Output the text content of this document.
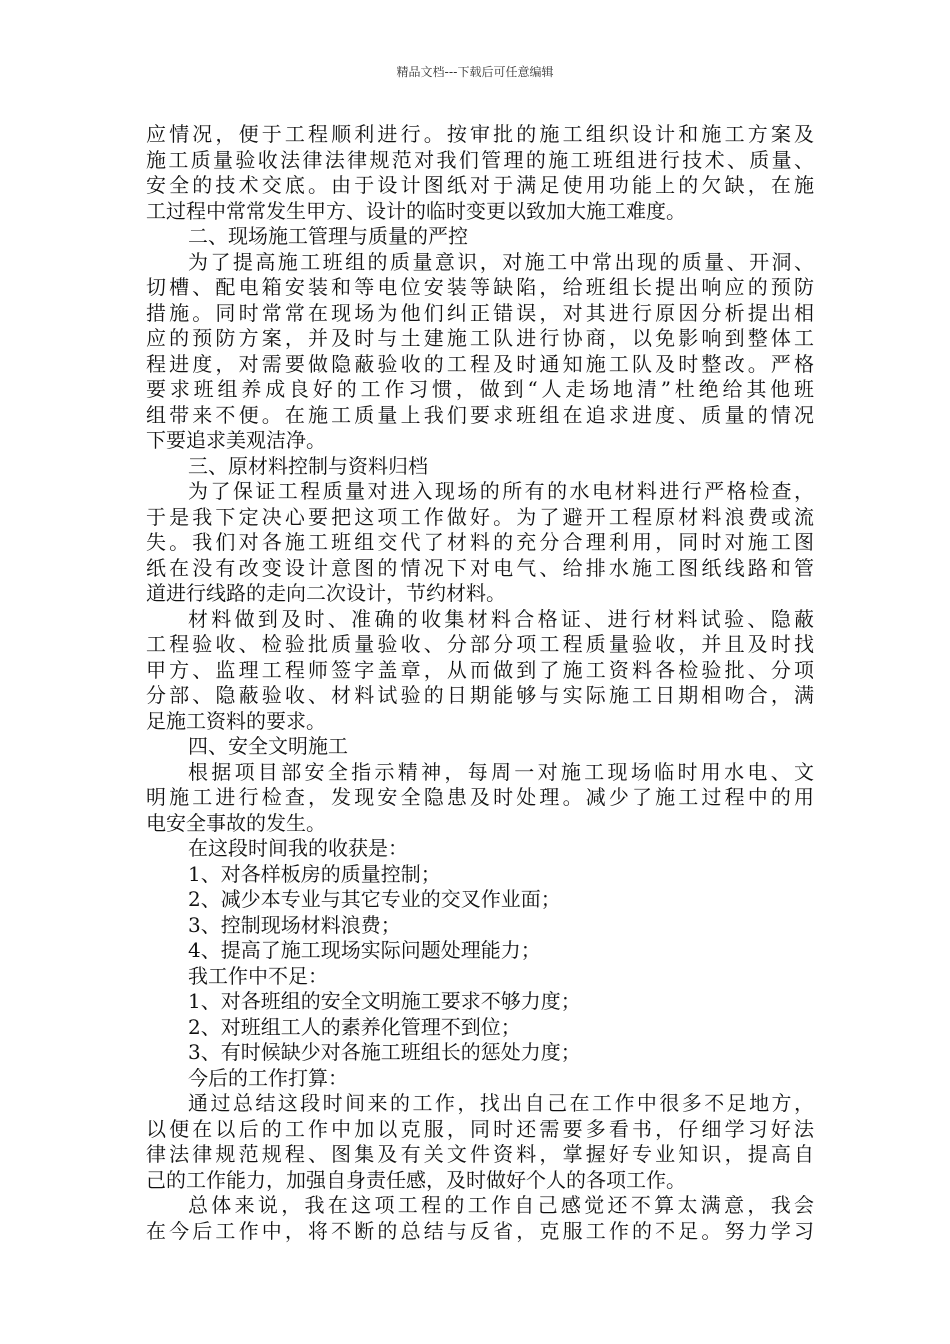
精品文档---下载后可任意编辑
应情况，便于工程顺利进行。按审批的施工组织设计和施工方案及
施工质量验收法律法律规范对我们管理的施工班组进行技术、质量、
安全的技术交底。由于设计图纸对于满足使用功能上的欠缺，在施
工过程中常常发生甲方、设计的临时变更以致加大施工难度。
二、现场施工管理与质量的严控
为了提高施工班组的质量意识，对施工中常出现的质量、开洞、
切槽、配电箱安装和等电位安装等缺陷，给班组长提出响应的预防
措施。同时常常在现场为他们纠正错误，对其进行原因分析提出相
应的预防方案，并及时与土建施工队进行协商，以免影响到整体工
程进度，对需要做隐蔽验收的工程及时通知施工队及时整改。严格
要求班组养成良好的工作习惯，做到“人走场地清”杜绝给其他班
组带来不便。在施工质量上我们要求班组在追求进度、质量的情况
下要追求美观洁净。
三、原材料控制与资料归档
为了保证工程质量对进入现场的所有的水电材料进行严格检查，
于是我下定决心要把这项工作做好。为了避开工程原材料浪费或流
失。我们对各施工班组交代了材料的充分合理利用，同时对施工图
纸在没有改变设计意图的情况下对电气、给排水施工图纸线路和管
道进行线路的走向二次设计，节约材料。
材料做到及时、准确的收集材料合格证、进行材料试验、隐蔽
工程验收、检验批质量验收、分部分项工程质量验收，并且及时找
甲方、监理工程师签字盖章，从而做到了施工资料各检验批、分项
分部、隐蔽验收、材料试验的日期能够与实际施工日期相吻合，满
足施工资料的要求。
四、安全文明施工
根据项目部安全指示精神，每周一对施工现场临时用水电、文
明施工进行检查，发现安全隐患及时处理。减少了施工过程中的用
电安全事故的发生。
在这段时间我的收获是：
1、对各样板房的质量控制；
2、减少本专业与其它专业的交叉作业面；
3、控制现场材料浪费；
4、提高了施工现场实际问题处理能力；
我工作中不足：
1、对各班组的安全文明施工要求不够力度；
2、对班组工人的素养化管理不到位；
3、有时候缺少对各施工班组长的惩处力度；
今后的工作打算：
通过总结这段时间来的工作，找出自己在工作中很多不足地方，
以便在以后的工作中加以克服，同时还需要多看书，仔细学习好法
律法律规范规程、图集及有关文件资料，掌握好专业知识，提高自
己的工作能力，加强自身责任感，及时做好个人的各项工作。
总体来说，我在这项工程的工作自己感觉还不算太满意，我会
在今后工作中，将不断的总结与反省，克服工作的不足。努力学习
